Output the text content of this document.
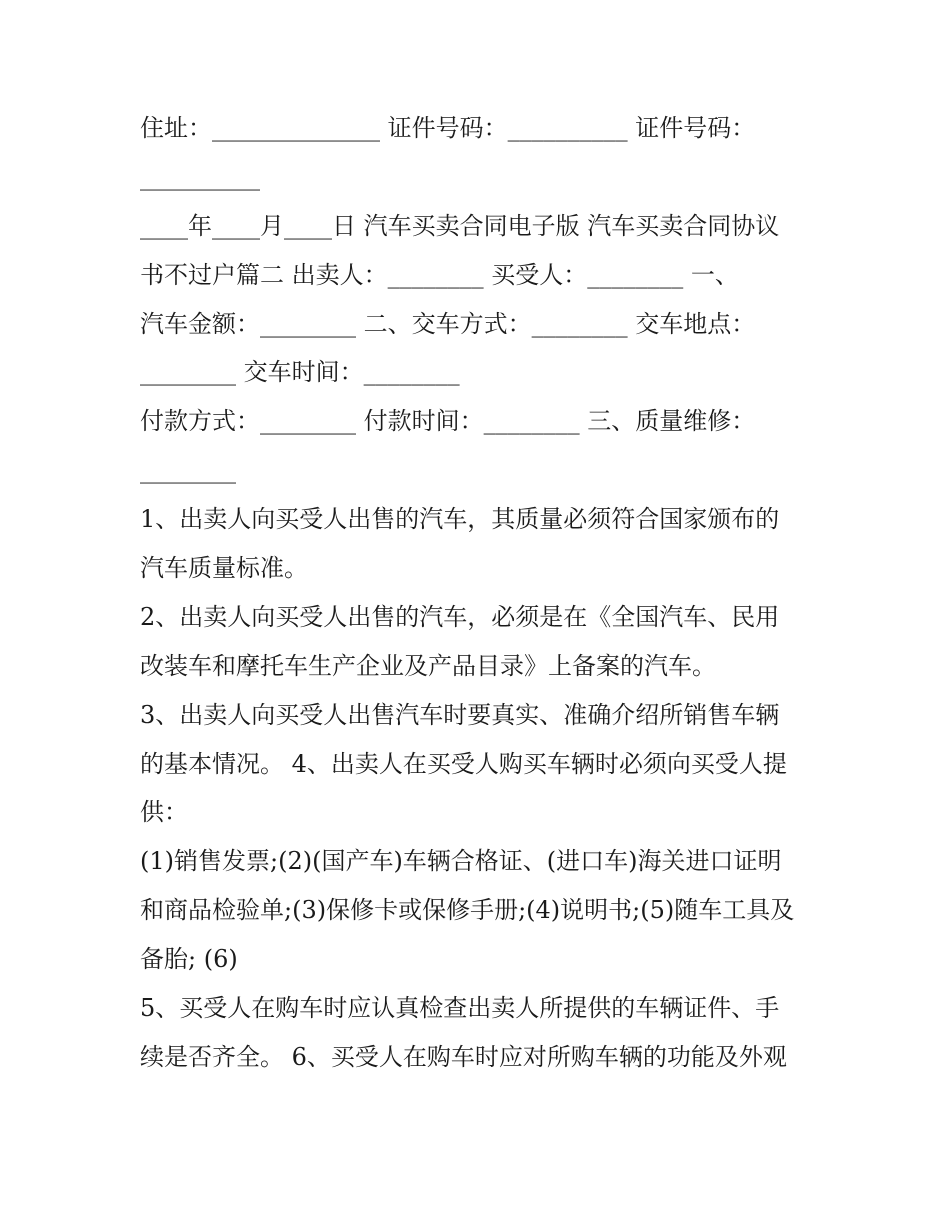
住址：______________ 证件号码：__________ 证件号码：
__________
____年____月____日 汽车买卖合同电子版 汽车买卖合同协议
书不过户篇二 出卖人：________ 买受人：________ 一、
汽车金额：________ 二、交车方式：________ 交车地点：
________ 交车时间：________
付款方式：________ 付款时间：________ 三、质量维修：
________
1、出卖人向买受人出售的汽车，其质量必须符合国家颁布的
汽车质量标准。
2、出卖人向买受人出售的汽车，必须是在《全国汽车、民用
改装车和摩托车生产企业及产品目录》上备案的汽车。
3、出卖人向买受人出售汽车时要真实、准确介绍所销售车辆
的基本情况。 4、出卖人在买受人购买车辆时必须向买受人提
供：
(1)销售发票;(2)(国产车)车辆合格证、(进口车)海关进口证明
和商品检验单;(3)保修卡或保修手册;(4)说明书;(5)随车工具及
备胎; (6)
5、买受人在购车时应认真检查出卖人所提供的车辆证件、手
续是否齐全。 6、买受人在购车时应对所购车辆的功能及外观
